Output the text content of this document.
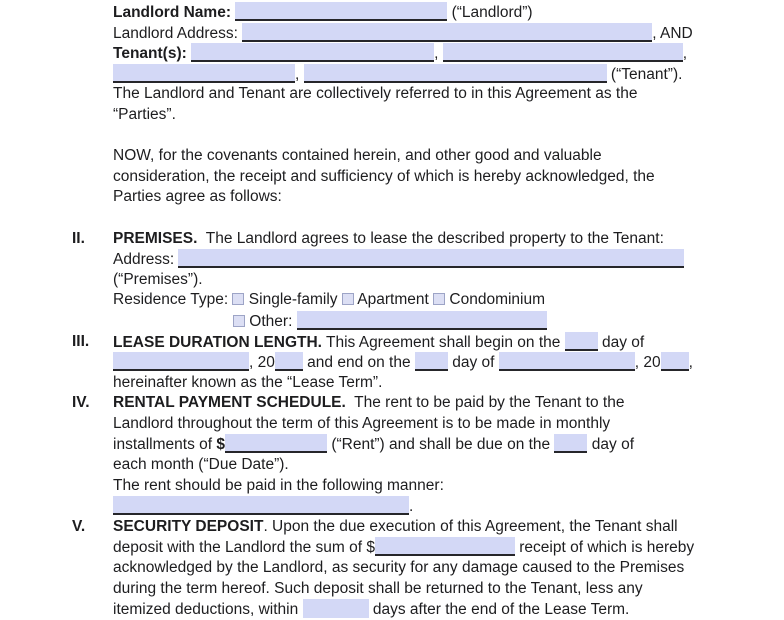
Landlord Name:	(“Landlord”)
Landlord Address:	, AND
Tenant(s):	,	,
,	(“Tenant”).
The Landlord and Tenant are collectively referred to in this Agreement as the
“Parties”.
NOW, for the covenants contained herein, and other good and valuable
consideration, the receipt and sufficiency of which is hereby acknowledged, the
Parties agree as follows:
II. PREMISES.  The Landlord agrees to lease the described property to the Tenant:
Address:
(“Premises”).
Residence Type:  Single-family  Apartment  Condominium
Other:
III. LEASE DURATION LENGTH. This Agreement shall begin on the  day of
, 20 and end on the  day of	, 20 ,
hereinafter known as the “Lease Term”.
IV. RENTAL PAYMENT SCHEDULE.  The rent to be paid by the Tenant to the
Landlord throughout the term of this Agreement is to be made in monthly
installments of $	(“Rent”) and shall be due on the  day of
each month (“Due Date”).
The rent should be paid in the following manner:
.
V. SECURITY DEPOSIT. Upon the due execution of this Agreement, the Tenant shall
deposit with the Landlord the sum of $	receipt of which is hereby
acknowledged by the Landlord, as security for any damage caused to the Premises
during the term hereof. Such deposit shall be returned to the Tenant, less any
itemized deductions, within	days after the end of the Lease Term.
